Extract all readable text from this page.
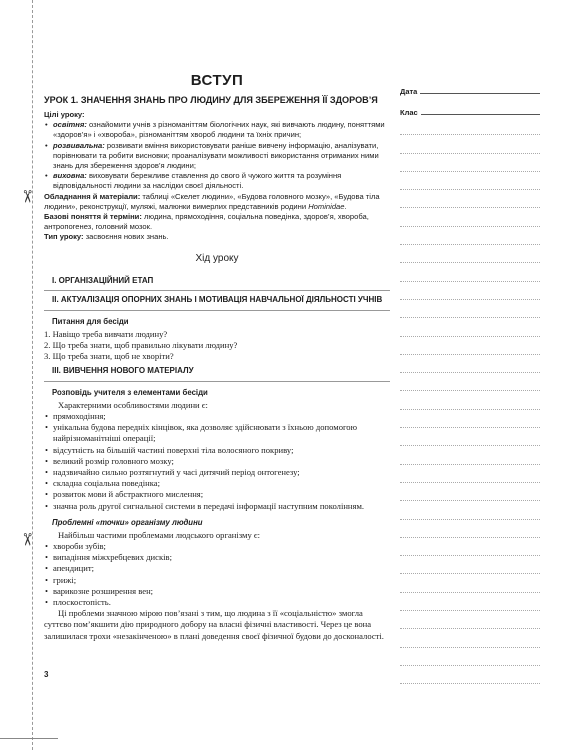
✂
✂
ВСТУП
УРОК 1. ЗНАЧЕННЯ ЗНАНЬ ПРО ЛЮДИНУ ДЛЯ ЗБЕРЕЖЕННЯ ЇЇ ЗДОРОВ’Я
Цілі уроку:
• освітня: ознайомити учнів з різноманіттям біологічних наук, які вивчають людину, поняттями «здоров’я» і «хвороба», різноманіттям хвороб людини та їхніх причин;
• розвивальна: розвивати вміння використовувати раніше вивчену інформацію, аналізувати, порівнювати та робити висновки; проаналізувати можливості використання отриманих ними знань для збереження здоров’я людини;
• виховна: виховувати бережливе ставлення до свого й чужого життя та розуміння відповідальності людини за наслідки своєї діяльності.
Обладнання й матеріали: таблиці «Скелет людини», «Будова головного мозку», «Будова тіла людини», реконструкції, муляжі, малюнки вимерлих представників родини Hominidae.
Базові поняття й терміни: людина, прямоходіння, соціальна поведінка, здоров’я, хвороба, антропогенез, головний мозок.
Тип уроку: засвоєння нових знань.
Хід уроку
I. ОРГАНІЗАЦІЙНИЙ ЕТАП
II. АКТУАЛІЗАЦІЯ ОПОРНИХ ЗНАНЬ І МОТИВАЦІЯ НАВЧАЛЬНОЇ ДІЯЛЬНОСТІ УЧНІВ
Питання для бесіди
1. Навіщо треба вивчати людину?
2. Що треба знати, щоб правильно лікувати людину?
3. Що треба знати, щоб не хворіти?
III. ВИВЧЕННЯ НОВОГО МАТЕРІАЛУ
Розповідь учителя з елементами бесіди
Характерними особливостями людини є:
• прямоходіння;
• унікальна будова передніх кінцівок, яка дозволяє здійснювати з їхньою допомогою найрізноманітніші операції;
• відсутність на більшій частині поверхні тіла волосяного покриву;
• великий розмір головного мозку;
• надзвичайно сильно розтягнутий у часі дитячий період онтогенезу;
• складна соціальна поведінка;
• розвиток мови й абстрактного мислення;
• значна роль другої сигнальної системи в передачі інформації наступним поколінням.
Проблемні «точки» організму людини
Найбільш частими проблемами людського організму є:
• хвороби зубів;
• випадіння міжхребцевих дисків;
• апендицит;
• грижі;
• варикозне розширення вен;
• плоскостопість.
Ці проблеми значною мірою пов’язані з тим, що людина з її «соціальністю» змогла суттєво пом’якшити дію природного добору на власні фізичні властивості. Через це вона залишилася трохи «незакінченою» в плані доведення своєї фізичної будови до досконалості.
3
Дата
Клас
